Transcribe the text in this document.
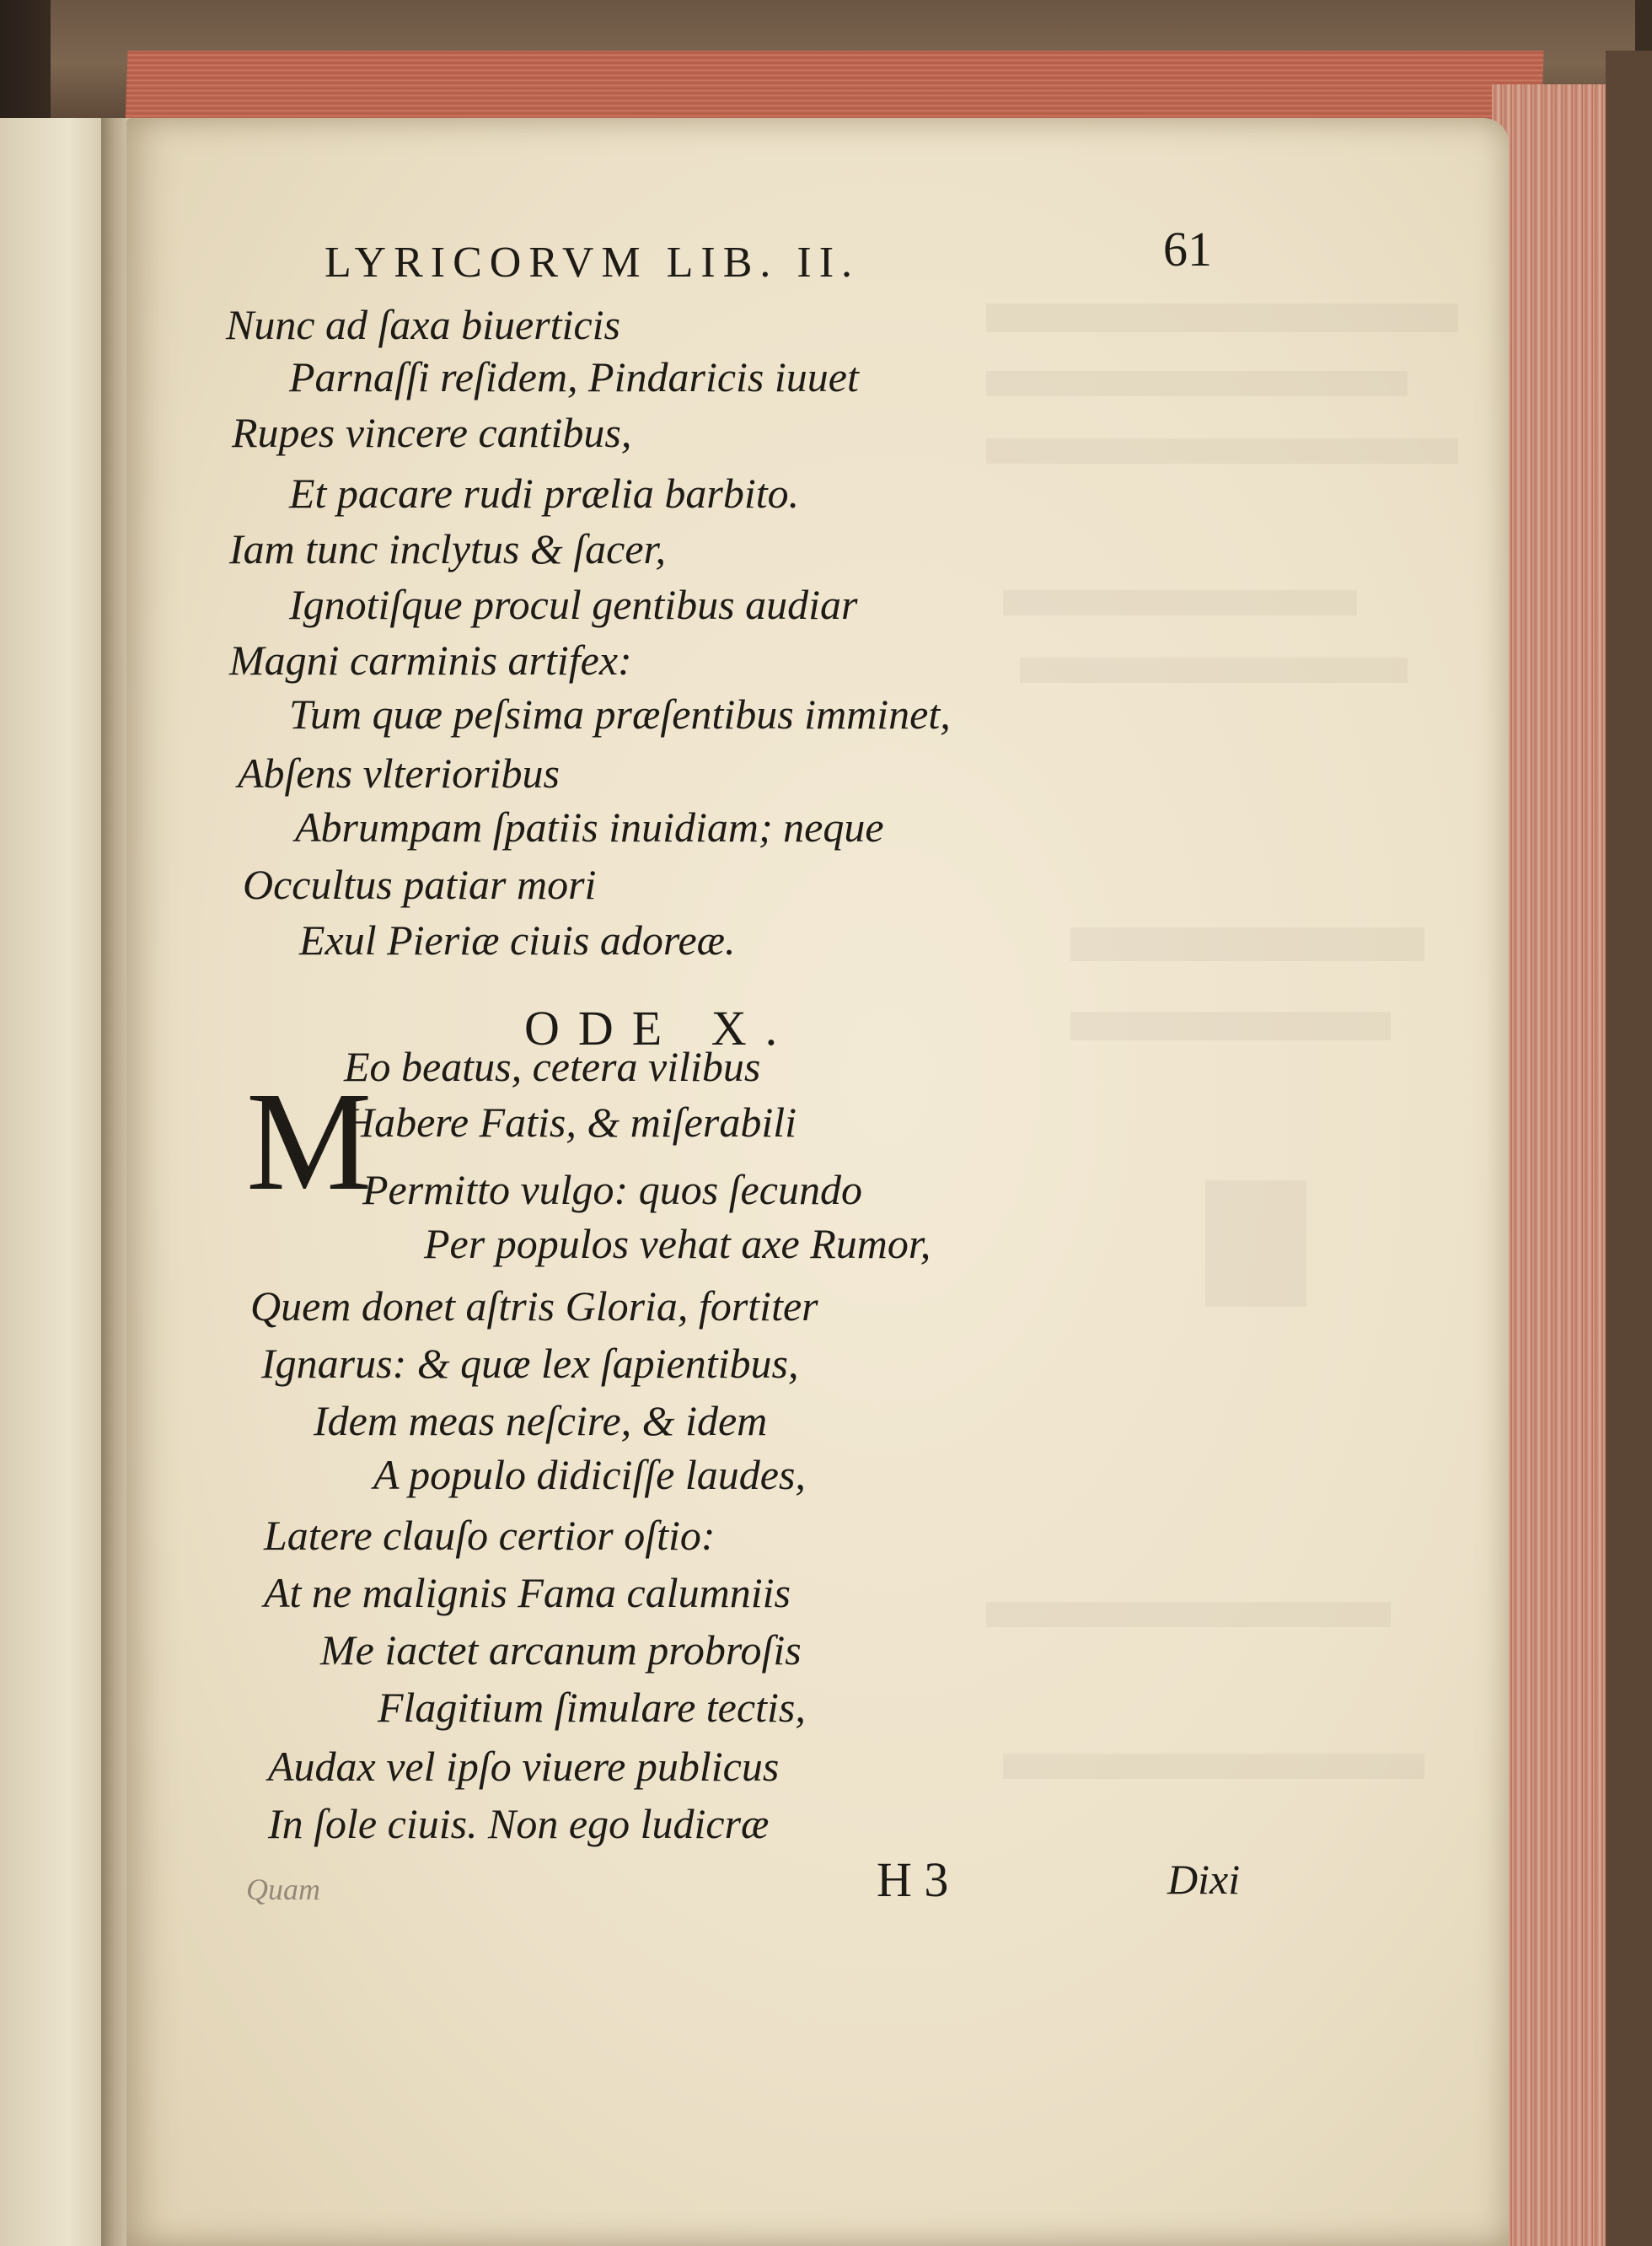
LYRICORVM LIB. II.	61
Nunc ad ſaxa biuerticis
Parnaſſi reſidem, Pindaricis iuuet
Rupes vincere cantibus,
Et pacare rudi prælia barbito.
Iam tunc inclytus & ſacer,
Ignotiſque procul gentibus audiar
Magni carminis artifex:
Tum quæ peſsima præſentibus imminet,
Abſens vlterioribus
Abrumpam ſpatiis inuidiam; neque
Occultus patiar mori
Exul Pieriæ ciuis adoreæ.
ODE X.
M
Eo beatus, cetera vilibus
Habere Fatis, & miſerabili
Permitto vulgo: quos ſecundo
Per populos vehat axe Rumor,
Quem donet aſtris Gloria, fortiter
Ignarus: & quæ lex ſapientibus,
Idem meas neſcire, & idem
A populo didiciſſe laudes,
Latere clauſo certior oſtio:
At ne malignis Fama calumniis
Me iactet arcanum probroſis
Flagitium ſimulare tectis,
Audax vel ipſo viuere publicus
In ſole ciuis. Non ego ludicræ
Quam	H 3	Dixi
